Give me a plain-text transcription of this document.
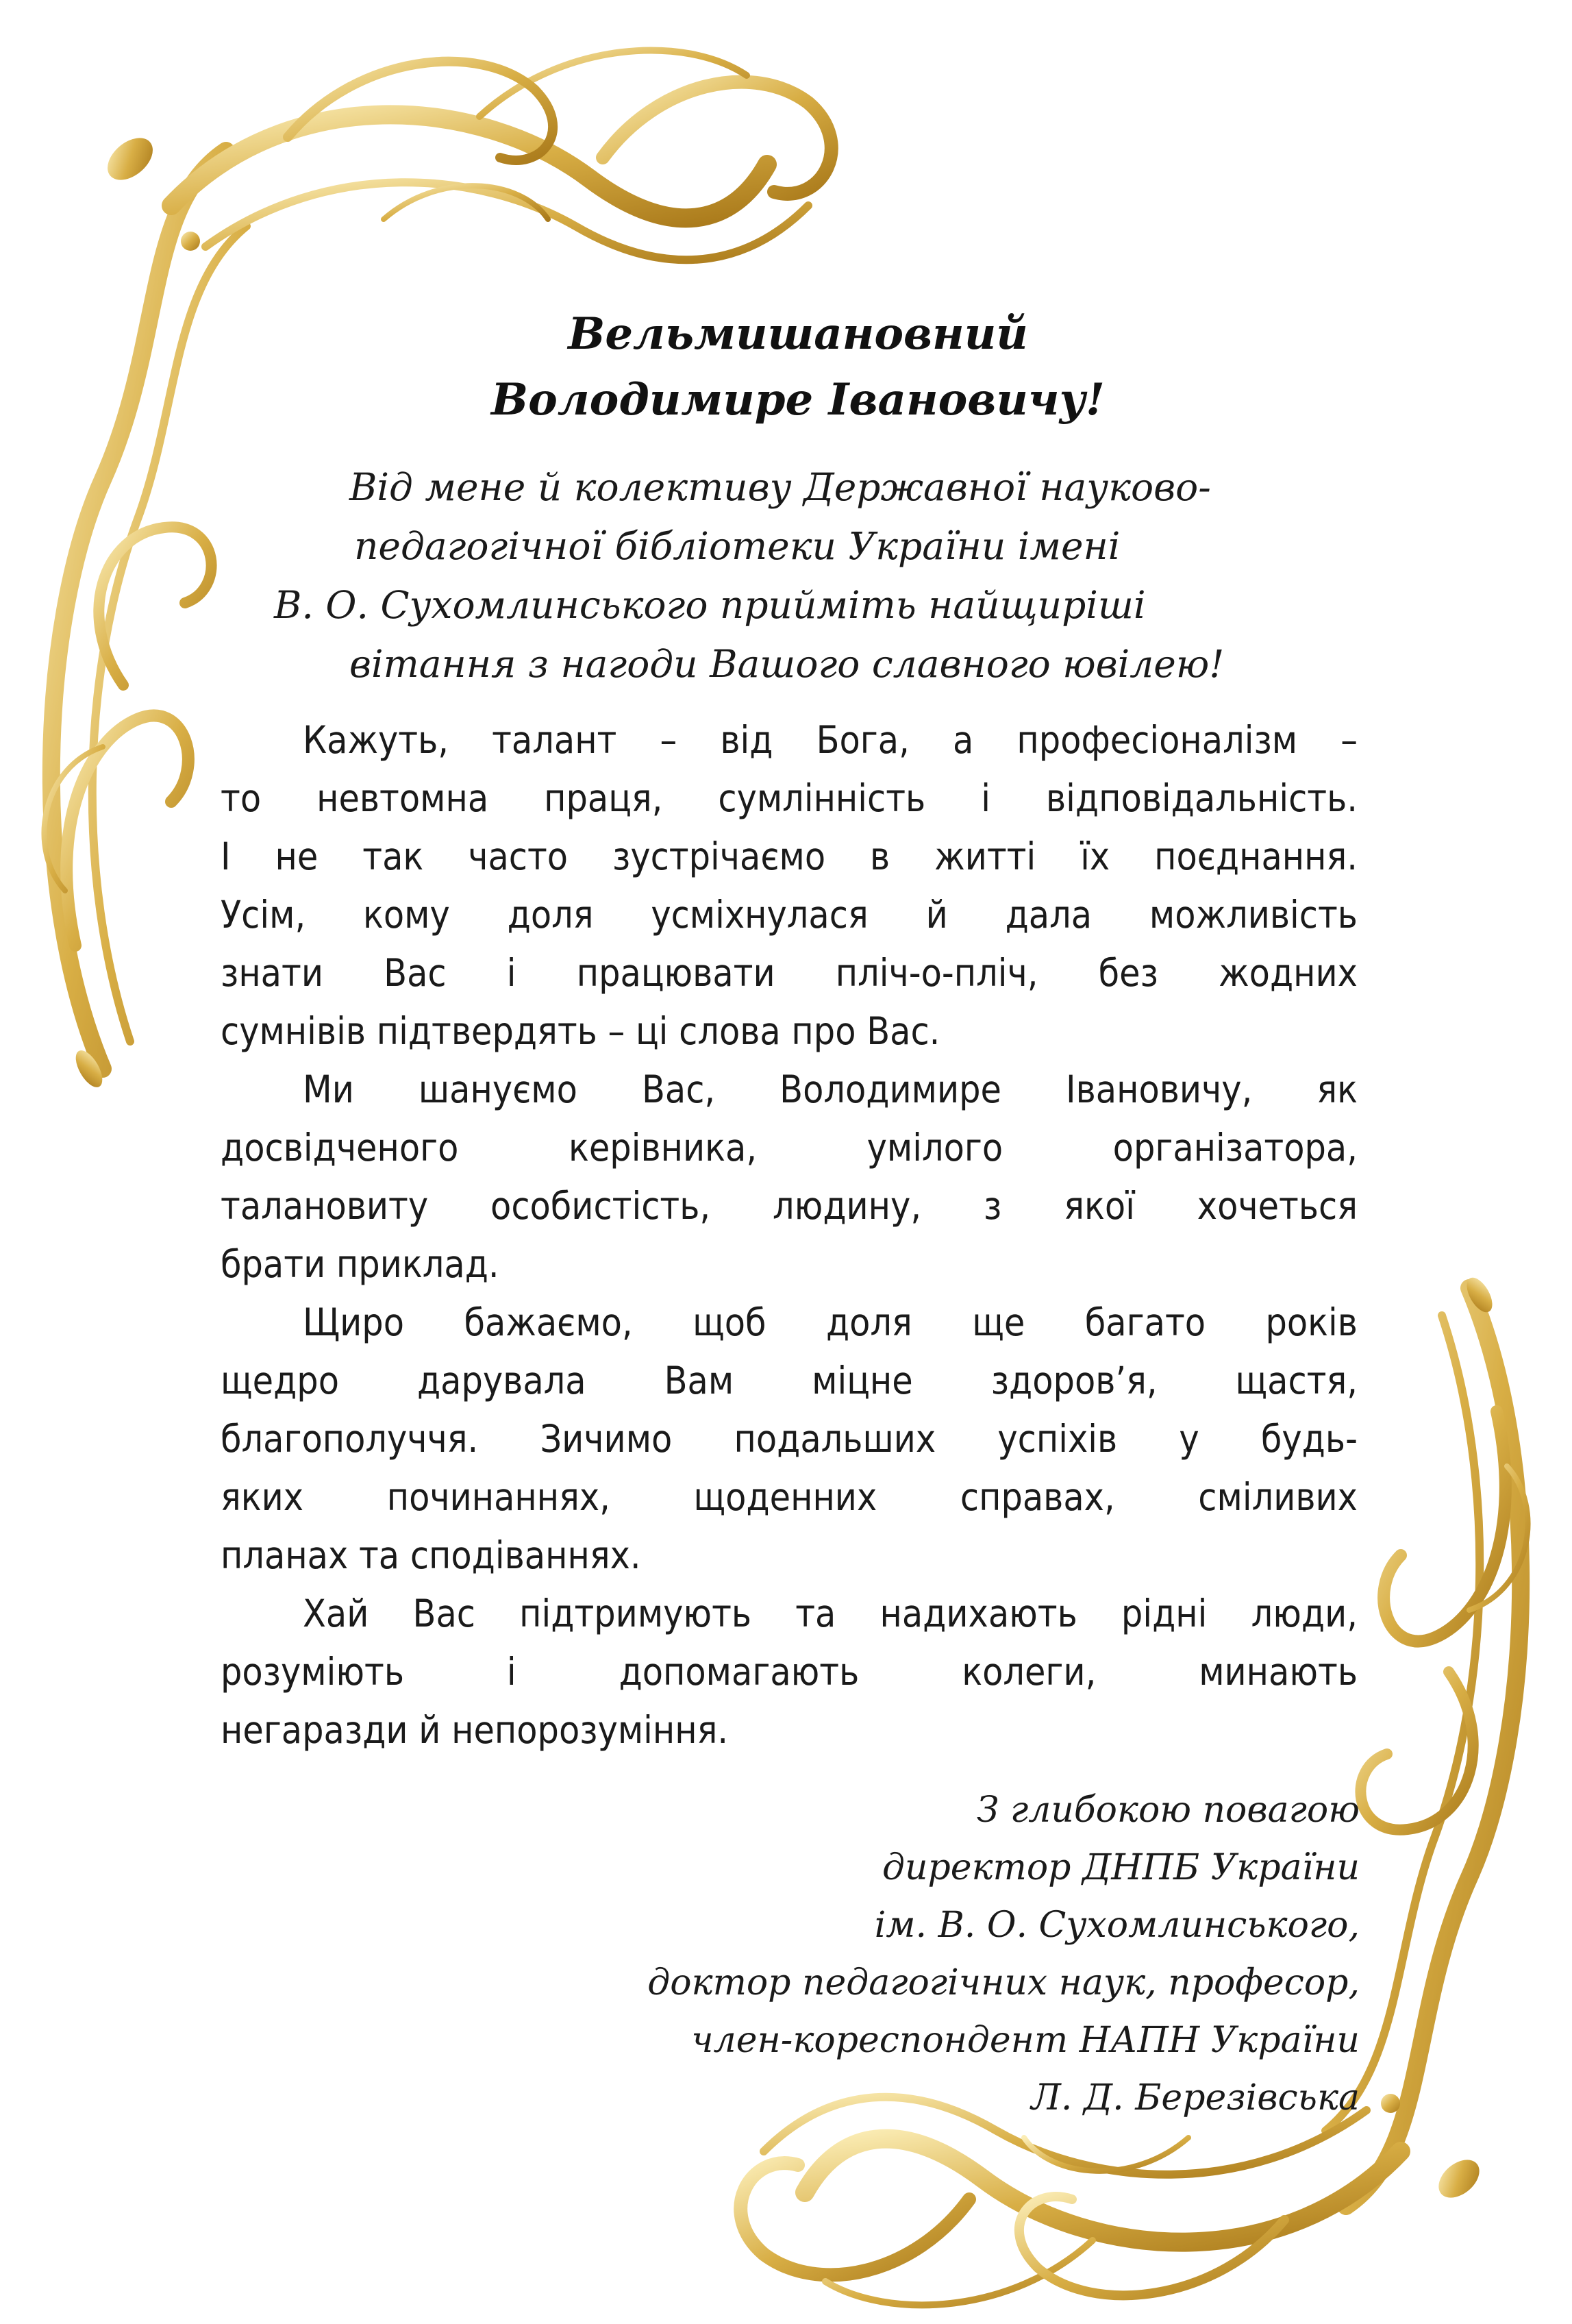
Вельмишановний
Володимире Івановичу!
Від мене й колективу Державної науково-
педагогічної бібліотеки України імені
В. О. Сухомлинського прийміть найщиріші
вітання з нагоди Вашого славного ювілею!
Кажуть, талант – від Бога, а професіоналізм –
то невтомна праця, сумлінність і відповідальність.
І не так часто зустрічаємо в житті їх поєднання.
Усім, кому доля усміхнулася й дала можливість
знати Вас і працювати пліч-о-пліч, без жодних
сумнівів підтвердять – ці слова про Вас.
Ми шануємо Вас, Володимире Івановичу, як
досвідченого	керівника,	умілого	організатора,
талановиту особистість, людину, з якої хочеться
брати приклад.
Щиро бажаємо, щоб доля ще багато років
щедро дарувала Вам міцне здоров’я, щастя,
благополуччя. Зичимо подальших успіхів у будь-
яких починаннях, щоденних справах, сміливих
планах та сподіваннях.
Хай Вас підтримують та надихають рідні люди,
розуміють	і	допомагають	колеги,	минають
негаразди й непорозуміння.
З глибокою повагою
директор ДНПБ України
ім. В. О. Сухомлинського,
доктор педагогічних наук, професор,
член-кореспондент НАПН України
Л. Д. Березівська
